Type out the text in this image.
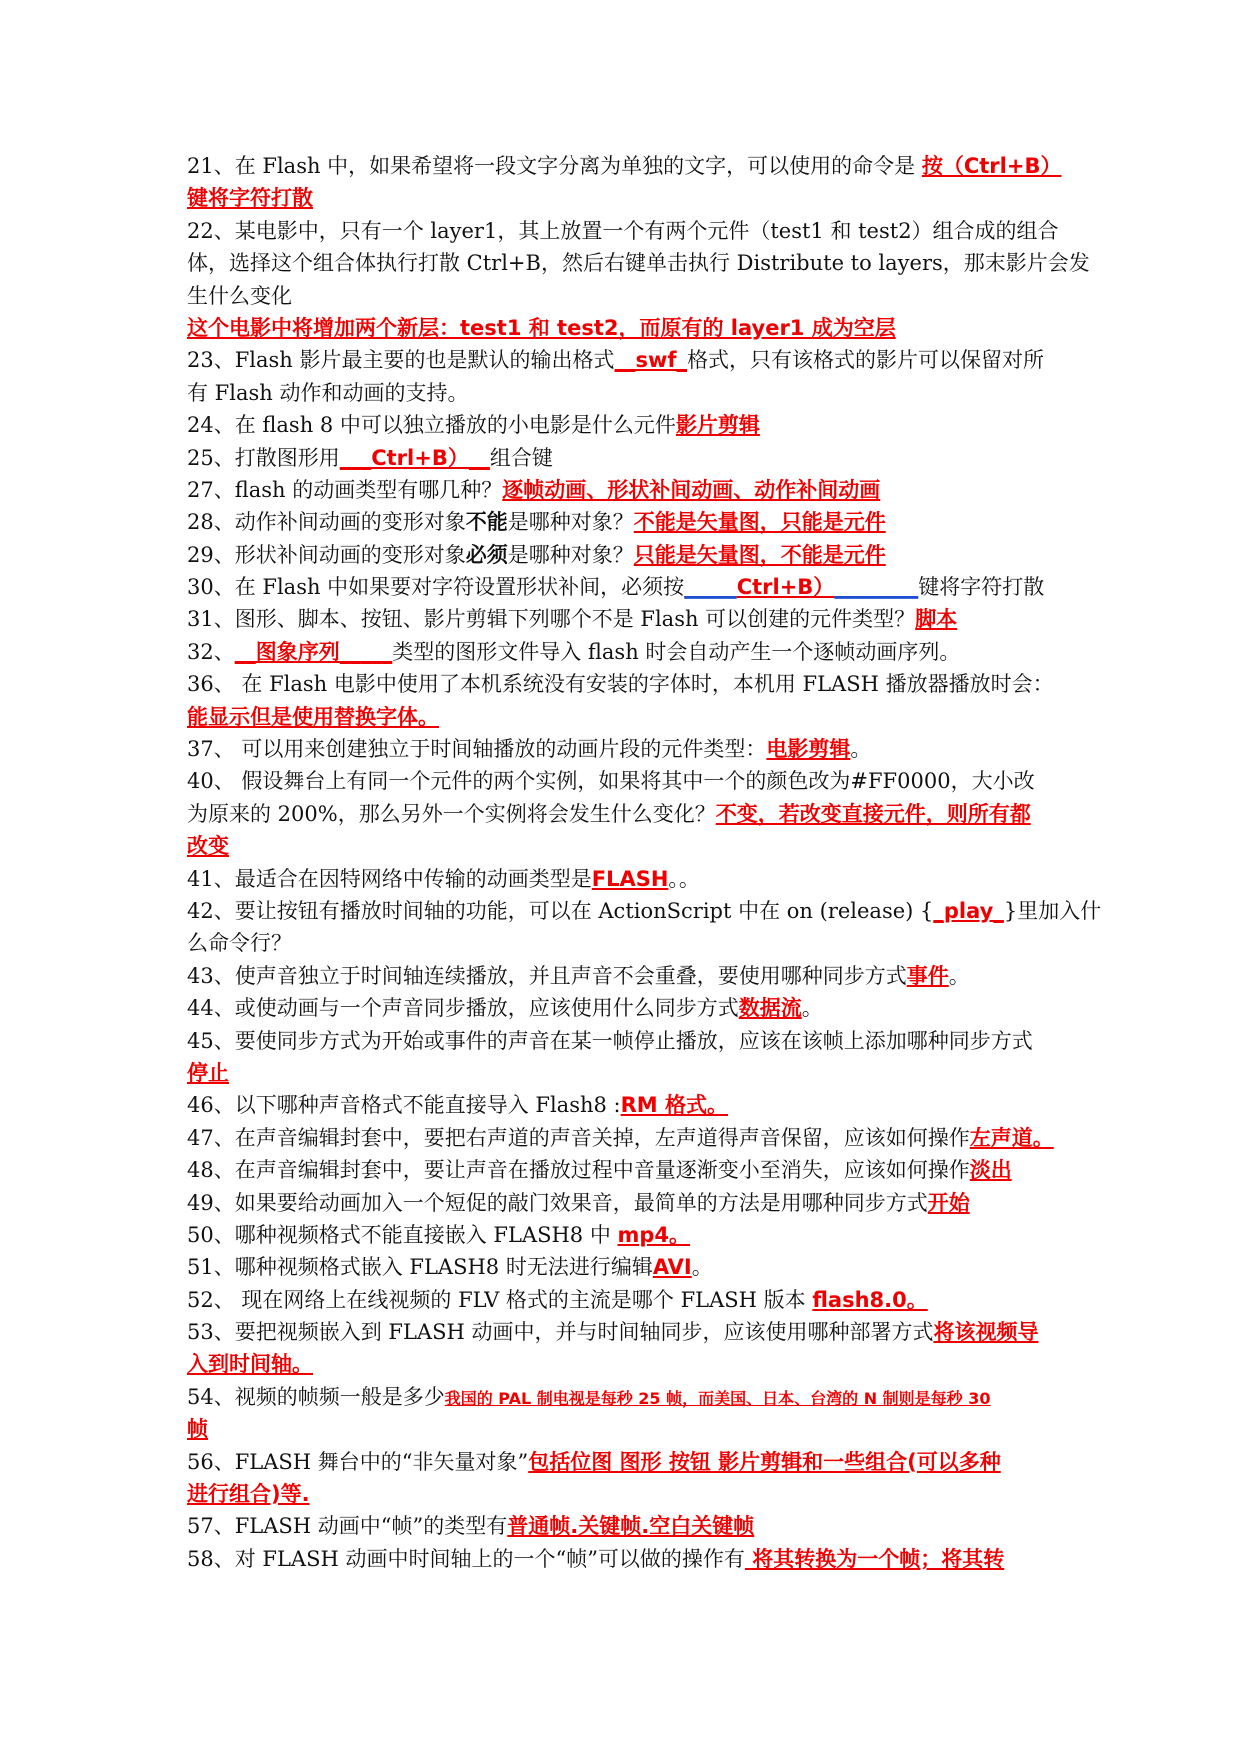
21、在 Flash 中，如果希望将一段文字分离为单独的文字，可以使用的命令是 按（Ctrl+B）
键将字符打散
22、某电影中，只有一个 layer1，其上放置一个有两个元件（test1 和 test2）组合成的组合
体，选择这个组合体执行打散 Ctrl+B，然后右键单击执行 Distribute to layers，那末影片会发
生什么变化
这个电影中将增加两个新层：test1 和 test2，而原有的 layer1 成为空层
23、Flash 影片最主要的也是默认的输出格式__swf_格式，只有该格式的影片可以保留对所
有 Flash 动作和动画的支持。
24、在 flash 8 中可以独立播放的小电影是什么元件影片剪辑
25、打散图形用___Ctrl+B）__组合键
27、flash 的动画类型有哪几种？逐帧动画、形状补间动画、动作补间动画
28、动作补间动画的变形对象不能是哪种对象？不能是矢量图，只能是元件
29、形状补间动画的变形对象必须是哪种对象？只能是矢量图，不能是元件
30、在 Flash 中如果要对字符设置形状补间，必须按_____Ctrl+B）________键将字符打散
31、图形、脚本、按钮、影片剪辑下列哪个不是 Flash 可以创建的元件类型？脚本
32、__图象序列_____类型的图形文件导入 flash 时会自动产生一个逐帧动画序列。
36、 在 Flash 电影中使用了本机系统没有安装的字体时，本机用 FLASH 播放器播放时会：
能显示但是使用替换字体。
37、 可以用来创建独立于时间轴播放的动画片段的元件类型：电影剪辑。
40、 假设舞台上有同一个元件的两个实例，如果将其中一个的颜色改为#FF0000，大小改
为原来的 200%，那么另外一个实例将会发生什么变化？不变，若改变直接元件，则所有都
改变
41、最适合在因特网络中传输的动画类型是FLASH。。
42、要让按钮有播放时间轴的功能，可以在 ActionScript 中在 on (release) {_play_}里加入什
么命令行？
43、使声音独立于时间轴连续播放，并且声音不会重叠，要使用哪种同步方式事件。
44、或使动画与一个声音同步播放，应该使用什么同步方式数据流。
45、要使同步方式为开始或事件的声音在某一帧停止播放，应该在该帧上添加哪种同步方式
停止
46、以下哪种声音格式不能直接导入 Flash8 :RM 格式。
47、在声音编辑封套中，要把右声道的声音关掉，左声道得声音保留，应该如何操作左声道。
48、在声音编辑封套中，要让声音在播放过程中音量逐渐变小至消失，应该如何操作淡出
49、如果要给动画加入一个短促的敲门效果音，最简单的方法是用哪种同步方式开始
50、哪种视频格式不能直接嵌入 FLASH8 中 mp4。
51、哪种视频格式嵌入 FLASH8 时无法进行编辑AVI。
52、 现在网络上在线视频的 FLV 格式的主流是哪个 FLASH 版本 flash8.0。
53、要把视频嵌入到 FLASH 动画中，并与时间轴同步，应该使用哪种部署方式将该视频导
入到时间轴。
54、视频的帧频一般是多少我国的 PAL 制电视是每秒 25 帧，而美国、日本、台湾的 N 制则是每秒 30
帧
56、FLASH 舞台中的“非矢量对象”包括位图 图形 按钮 影片剪辑和一些组合(可以多种
进行组合)等.
57、FLASH 动画中“帧”的类型有普通帧.关键帧.空白关键帧
58、对 FLASH 动画中时间轴上的一个“帧”可以做的操作有 将其转换为一个帧；将其转
